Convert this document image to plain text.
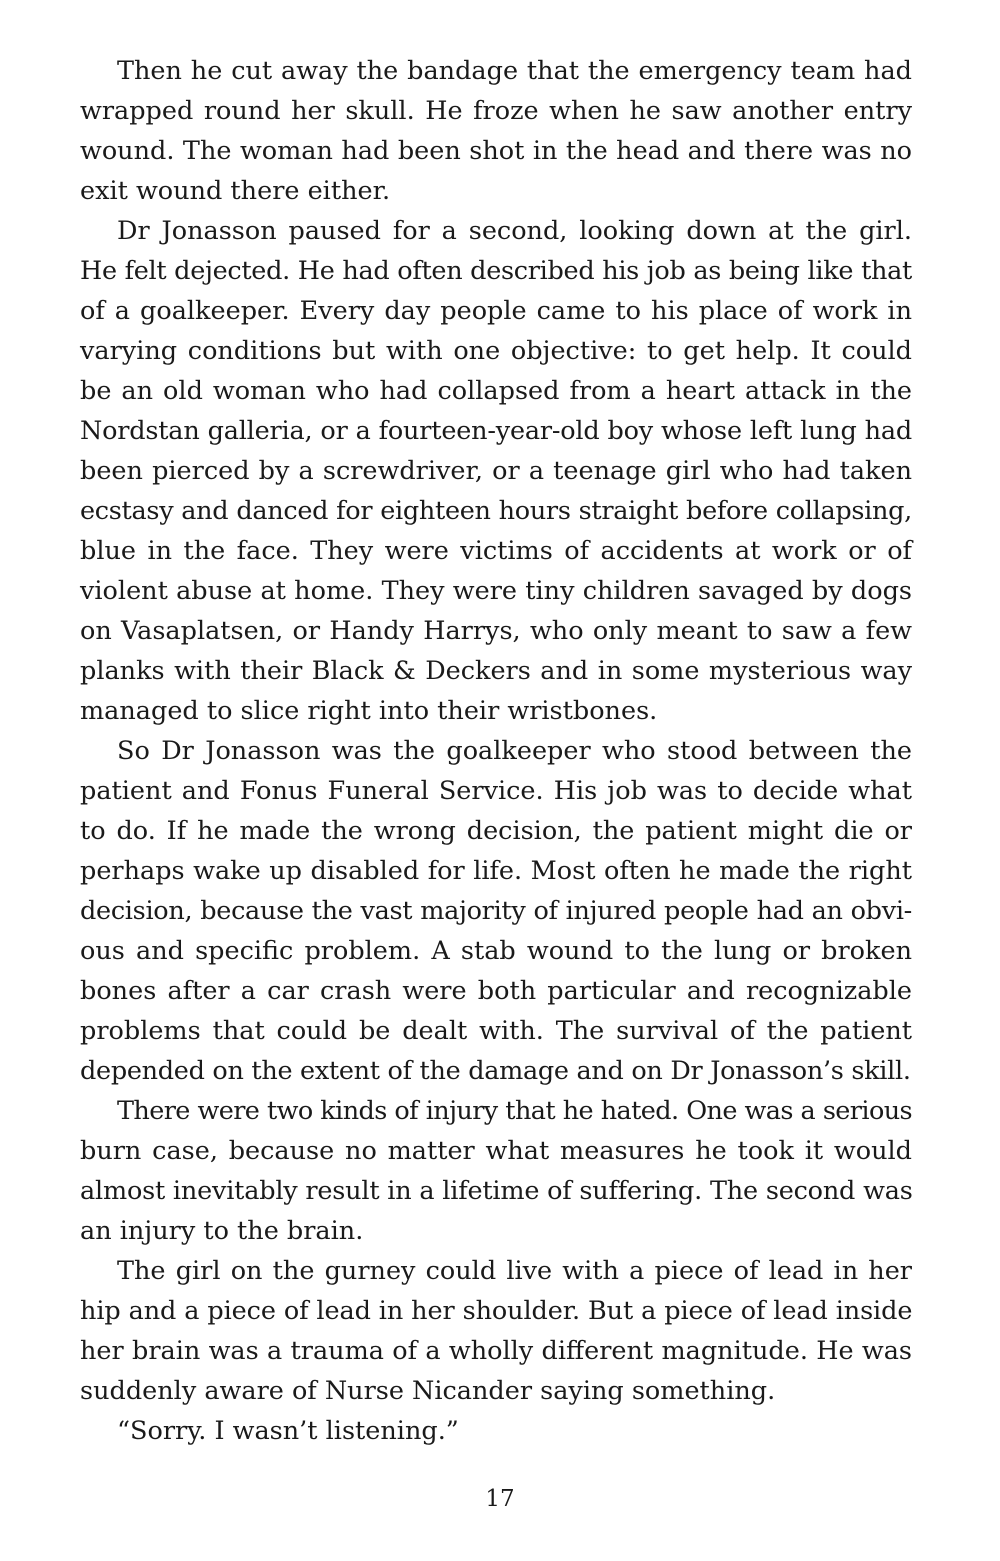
Then he cut away the bandage that the emergency team had
wrapped round her skull. He froze when he saw another entry
wound. The woman had been shot in the head and there was no
exit wound there either.
Dr Jonasson paused for a second, looking down at the girl.
He felt dejected. He had often described his job as being like that
of a goalkeeper. Every day people came to his place of work in
varying conditions but with one objective: to get help. It could
be an old woman who had collapsed from a heart attack in the
Nordstan galleria, or a fourteen-year-old boy whose left lung had
been pierced by a screwdriver, or a teenage girl who had taken
ecstasy and danced for eighteen hours straight before collapsing,
blue in the face. They were victims of accidents at work or of
violent abuse at home. They were tiny children savaged by dogs
on Vasaplatsen, or Handy Harrys, who only meant to saw a few
planks with their Black & Deckers and in some mysterious way
managed to slice right into their wristbones.
So Dr Jonasson was the goalkeeper who stood between the
patient and Fonus Funeral Service. His job was to decide what
to do. If he made the wrong decision, the patient might die or
perhaps wake up disabled for life. Most often he made the right
decision, because the vast majority of injured people had an obvi-
ous and specific problem. A stab wound to the lung or broken
bones after a car crash were both particular and recognizable
problems that could be dealt with. The survival of the patient
depended on the extent of the damage and on Dr Jonasson’s skill.
There were two kinds of injury that he hated. One was a serious
burn case, because no matter what measures he took it would
almost inevitably result in a lifetime of suffering. The second was
an injury to the brain.
The girl on the gurney could live with a piece of lead in her
hip and a piece of lead in her shoulder. But a piece of lead inside
her brain was a trauma of a wholly different magnitude. He was
suddenly aware of Nurse Nicander saying something.
“Sorry. I wasn’t listening.”
17
